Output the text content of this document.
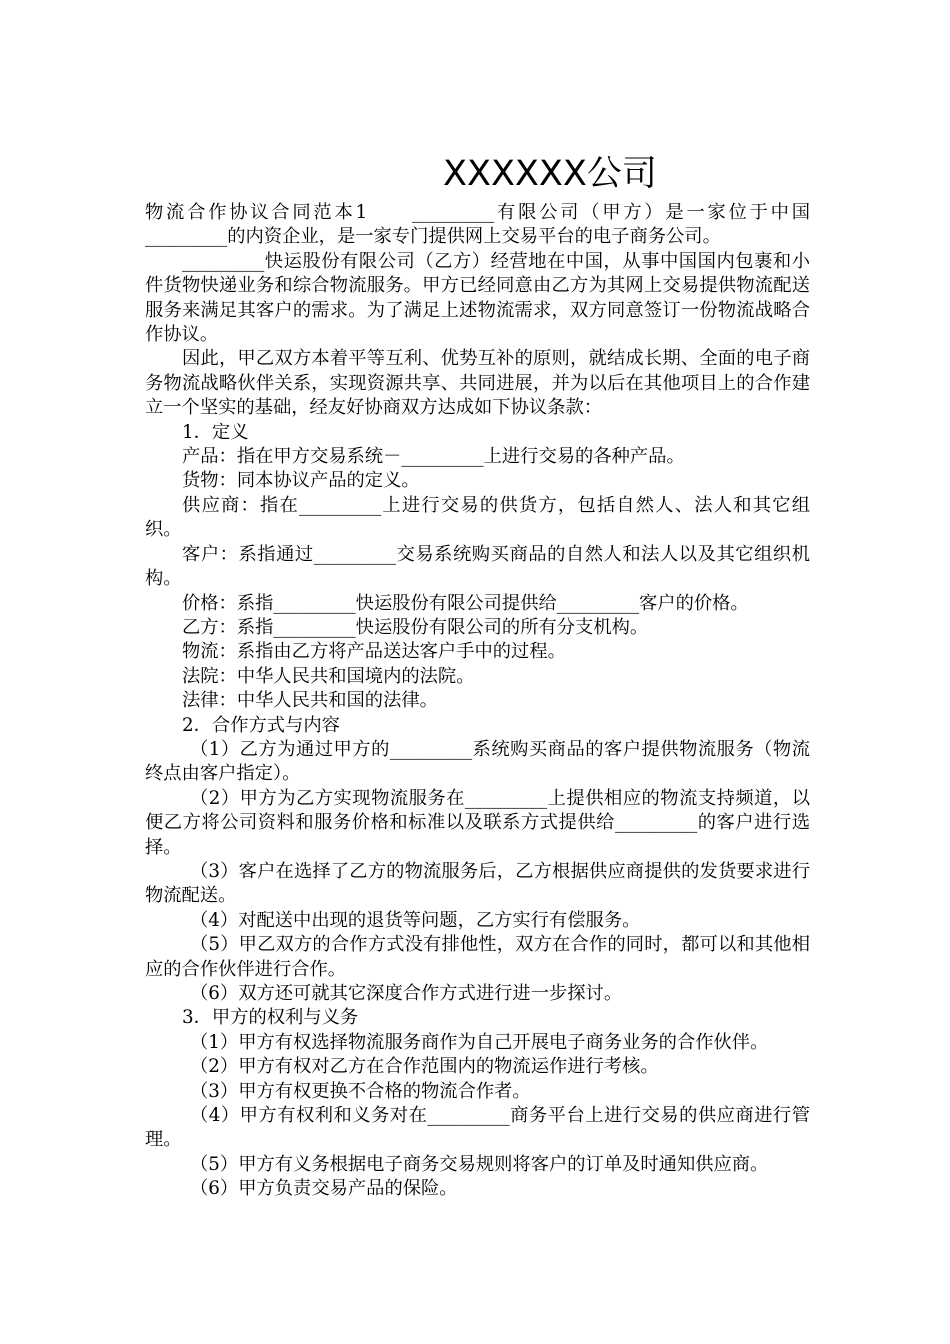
XXXXXX公司

物流合作协议合同范本1　　_________有限公司（甲方）是一家位于中国_________的内资企业，是一家专门提供网上交易平台的电子商务公司。

_________快运股份有限公司（乙方）经营地在中国，从事中国国内包裹和小件货物快递业务和综合物流服务。甲方已经同意由乙方为其网上交易提供物流配送服务来满足其客户的需求。为了满足上述物流需求，双方同意签订一份物流战略合作协议。

因此，甲乙双方本着平等互利、优势互补的原则，就结成长期、全面的电子商务物流战略伙伴关系，实现资源共享、共同进展，并为以后在其他项目上的合作建立一个坚实的基础，经友好协商双方达成如下协议条款：

1．定义

产品：指在甲方交易系统－_________上进行交易的各种产品。

货物：同本协议产品的定义。

供应商：指在_________上进行交易的供货方，包括自然人、法人和其它组织。

客户：系指通过_________交易系统购买商品的自然人和法人以及其它组织机构。

价格：系指_________快运股份有限公司提供给_________客户的价格。

乙方：系指_________快运股份有限公司的所有分支机构。

物流：系指由乙方将产品送达客户手中的过程。

法院：中华人民共和国境内的法院。

法律：中华人民共和国的法律。

2．合作方式与内容

（1）乙方为通过甲方的_________系统购买商品的客户提供物流服务（物流终点由客户指定）。

（2）甲方为乙方实现物流服务在_________上提供相应的物流支持频道，以便乙方将公司资料和服务价格和标准以及联系方式提供给_________的客户进行选择。

（3）客户在选择了乙方的物流服务后，乙方根据供应商提供的发货要求进行物流配送。

（4）对配送中出现的退货等问题，乙方实行有偿服务。

（5）甲乙双方的合作方式没有排他性，双方在合作的同时，都可以和其他相应的合作伙伴进行合作。

（6）双方还可就其它深度合作方式进行进一步探讨。

3．甲方的权利与义务

（1）甲方有权选择物流服务商作为自己开展电子商务业务的合作伙伴。

（2）甲方有权对乙方在合作范围内的物流运作进行考核。

（3）甲方有权更换不合格的物流合作者。

（4）甲方有权利和义务对在_________商务平台上进行交易的供应商进行管理。

（5）甲方有义务根据电子商务交易规则将客户的订单及时通知供应商。

（6）甲方负责交易产品的保险。
